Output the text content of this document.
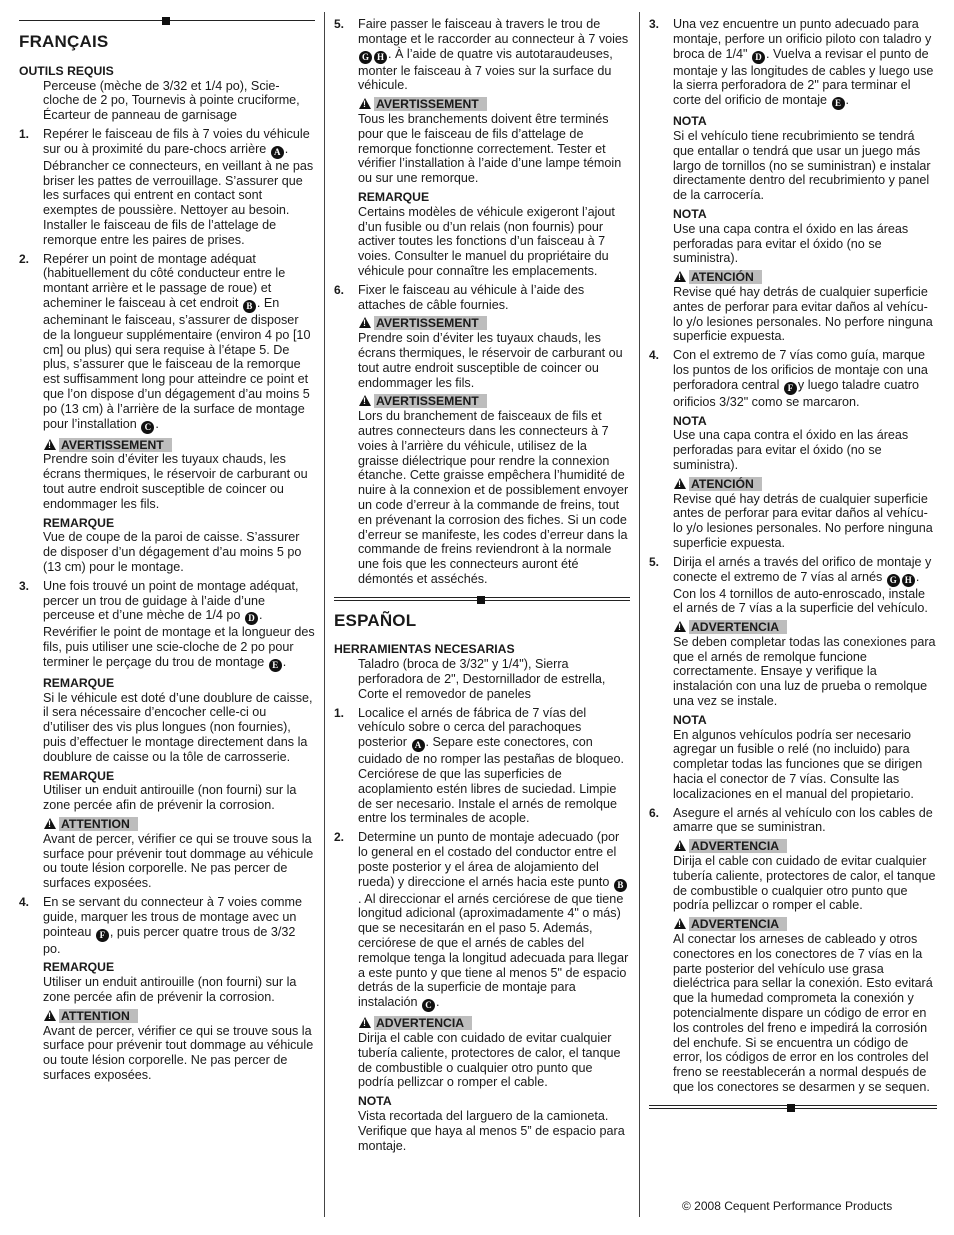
FRANÇAIS

OUTILS REQUIS

Perceuse (mèche de 3/32 et 1/4 po), Scie-cloche de 2 po, Tournevis à pointe cruciforme, Écarteur de panneau de garnisage

1. Repérer le faisceau de fils à 7 voies du véhicule sur ou à proximité du pare-chocs arrière A . Débrancher ce connecteurs, en veillant à ne pas briser les pattes de verrouillage. S’assurer que les surfaces qui entrent en contact sont exemptes de poussière. Nettoyer au besoin. Installer le faisceau de fils de l’attelage de remorque entre les paires de prises.
2. Repérer un point de montage adéquat (habituellement du côté conducteur entre le montant arrière et le passage de roue) et acheminer le faisceau à cet endroit B . En acheminant le faisceau, s’assurer de disposer de la longueur supplémentaire (environ 4 po [10 cm] ou plus) qui sera requise à l’étape 5. De plus, s’assurer que le faisceau de la remorque est suffisamment long pour atteindre ce point et que l’on dispose d’un dégagement d’au moins 5 po (13 cm) à l’arrière de la surface de montage pour l’installation C .
!AVERTISSEMENT

Prendre soin d’éviter les tuyaux chauds, les écrans thermiques, le réservoir de carburant ou tout autre endroit susceptible de coincer ou endommager les fils.

REMARQUE

Vue de coupe de la paroi de caisse. S’assurer de disposer d’un dégagement d’au moins 5 po (13 cm) pour le montage.

3. Une fois trouvé un point de montage adéquat, percer un trou de guidage à l’aide d’une perceuse et d’une mèche de 1/4 po D . Revérifier le point de montage et la longueur des fils, puis utiliser une scie-cloche de 2 po pour terminer le perçage du trou de montage E .

REMARQUE

Si le véhicule est doté d’une doublure de caisse, il sera nécessaire d’encocher celle-ci ou d’utiliser des vis plus longues (non fournies), puis d’effectuer le montage directement dans la doublure de caisse ou la tôle de carrosserie.

REMARQUE

Utiliser un enduit antirouille (non fourni) sur la zone percée afin de prévenir la corrosion.

!ATTENTION

Avant de percer, vérifier ce qui se trouve sous la surface pour prévenir tout dommage au véhicule ou toute lésion corporelle. Ne pas percer de surfaces exposées.

4. En se servant du connecteur à 7 voies comme guide, marquer les trous de montage avec un pointeau F , puis percer quatre trous de 3/32 po.

REMARQUE

Utiliser un enduit antirouille (non fourni) sur la zone percée afin de prévenir la corrosion.

!ATTENTION

Avant de percer, vérifier ce qui se trouve sous la surface pour prévenir tout dommage au véhicule ou toute lésion corporelle. Ne pas percer de surfaces exposées.

5. Faire passer le faisceau à travers le trou de montage et le raccorder au connecteur à 7 voies G H . À l’aide de quatre vis autotaraudeuses, monter le faisceau à 7 voies sur la surface du véhicule.
!AVERTISSEMENT

Tous les branchements doivent être terminés pour que le faisceau de fils d’attelage de remorque fonctionne correctement. Tester et vérifier l’installation à l’aide d’une lampe témoin ou sur une remorque.

REMARQUE

Certains modèles de véhicule exigeront l’ajout d’un fusible ou d’un relais (non fournis) pour activer toutes les fonctions d’un faisceau à 7 voies. Consulter le manuel du propriétaire du véhicule pour connaître les emplacements.

6. Fixer le faisceau au véhicule à l’aide des attaches de câble fournies.
!AVERTISSEMENT

Prendre soin d’éviter les tuyaux chauds, les écrans thermiques, le réservoir de carburant ou tout autre endroit susceptible de coincer ou endommager les fils.

!AVERTISSEMENT

Lors du branchement de faisceaux de fils et autres connecteurs dans les connecteurs à 7 voies à l’arrière du véhicule, utilisez de la graisse diélectrique pour rendre la connexion étanche. Cette graisse empêchera l’humidité de nuire à la connexion et de possiblement envoyer un code d’erreur à la commande de freins, tout en prévenant la corrosion des fiches. Si un code d’erreur se manifeste, les codes d’erreur dans la commande de freins reviendront à la normale une fois que les connecteurs auront été démontés et asséchés.

ESPAÑOL

HERRAMIENTAS NECESARIAS

Taladro (broca de 3/32" y 1/4"), Sierra perforadora de 2", Destornillador de estrella, Corte el removedor de paneles

1. Localice el arnés de fábrica de 7 vías del vehículo sobre o cerca del parachoques posterior A . Separe este conectores, con cuidado de no romper las pestañas de bloqueo. Cerciórese de que las superficies de acoplamiento estén libres de suciedad. Limpie de ser necesario. Instale el arnés de remolque entre los terminales de acople.
2. Determine un punto de montaje adecuado (por lo general en el costado del conductor entre el poste posterior y el área de alojamiento del rueda) y direccione el arnés hacia este punto B. Al direccionar el arnés cerciórese de que tiene longitud adicional (aproximadamente 4" o más) que se necesitarán en el paso 5. Además, cerciórese de que el arnés de cables del remolque tenga la longitud adecuada para llegar a este punto y que tiene al menos 5" de espacio detrás de la superficie de montaje para instalación C .
!ADVERTENCIA

Dirija el cable con cuidado de evitar cualquier tubería caliente, protectores de calor, el tanque de combustible o cualquier otro punto que podría pellizcar o romper el cable.

NOTA

Vista recortada del larguero de la camioneta. Verifique que haya al menos 5” de espacio para montaje.

3. Una vez encuentre un punto adecuado para montaje, perfore un orificio piloto con taladro y broca de 1/4" D . Vuelva a revisar el punto de montaje y las longitudes de cables y luego use la sierra perforadora de 2" para terminar el corte del orificio de montaje E .

NOTA

Si el vehículo tiene recubrimiento se tendrá que entallar o tendrá que usar un juego más largo de tornillos (no se suministran) e instalar directamente dentro del recubrimiento y panel de la carrocería.

NOTA

Use una capa contra el óxido en las áreas perforadas para evitar el óxido (no se suministra).

!ATENCIÓN

Revise qué hay detrás de cualquier superficie antes de perforar para evitar daños al vehícu-lo y/o lesiones personales. No perfore ninguna superficie expuesta.

4. Con el extremo de 7 vías como guía, marque los puntos de los orificios de montaje con una perforadora central F y luego taladre cuatro orificios 3/32" como se marcaron.

NOTA

Use una capa contra el óxido en las áreas perforadas para evitar el óxido (no se suministra).

!ATENCIÓN

Revise qué hay detrás de cualquier superficie antes de perforar para evitar daños al vehícu-lo y/o lesiones personales. No perfore ninguna superficie expuesta.

5. Dirija el arnés a través del orifico de montaje y conecte el extremo de 7 vías al arnés G H . Con los 4 tornillos de auto-enroscado, instale el arnés de 7 vías a la superficie del vehículo.
!ADVERTENCIA

Se deben completar todas las conexiones para que el arnés de remolque funcione correctamente. Ensaye y verifique la instalación con una luz de prueba o remolque una vez se instale.

NOTA

En algunos vehículos podría ser necesario agregar un fusible o relé (no incluido) para completar todas las funciones que se dirigen hacia el conector de 7 vías. Consulte las localizaciones en el manual del propietario.

6. Asegure el arnés al vehículo con los cables de amarre que se suministran.
!ADVERTENCIA

Dirija el cable con cuidado de evitar cualquier tubería caliente, protectores de calor, el tanque de combustible o cualquier otro punto que podría pellizcar o romper el cable.

!ADVERTENCIA

Al conectar los arneses de cableado y otros conectores en los conectores de 7 vías en la parte posterior del vehículo use grasa dieléctrica para sellar la conexión. Esto evitará que la humedad comprometa la conexión y potencialmente dispare un código de error en los controles del freno e impedirá la corrosión del enchufe. Si se encuentra un código de error, los códigos de error en los controles del freno se reestablecerán a normal después de que los conectores se desarmen y se sequen.

© 2008 Cequent Performance Products
